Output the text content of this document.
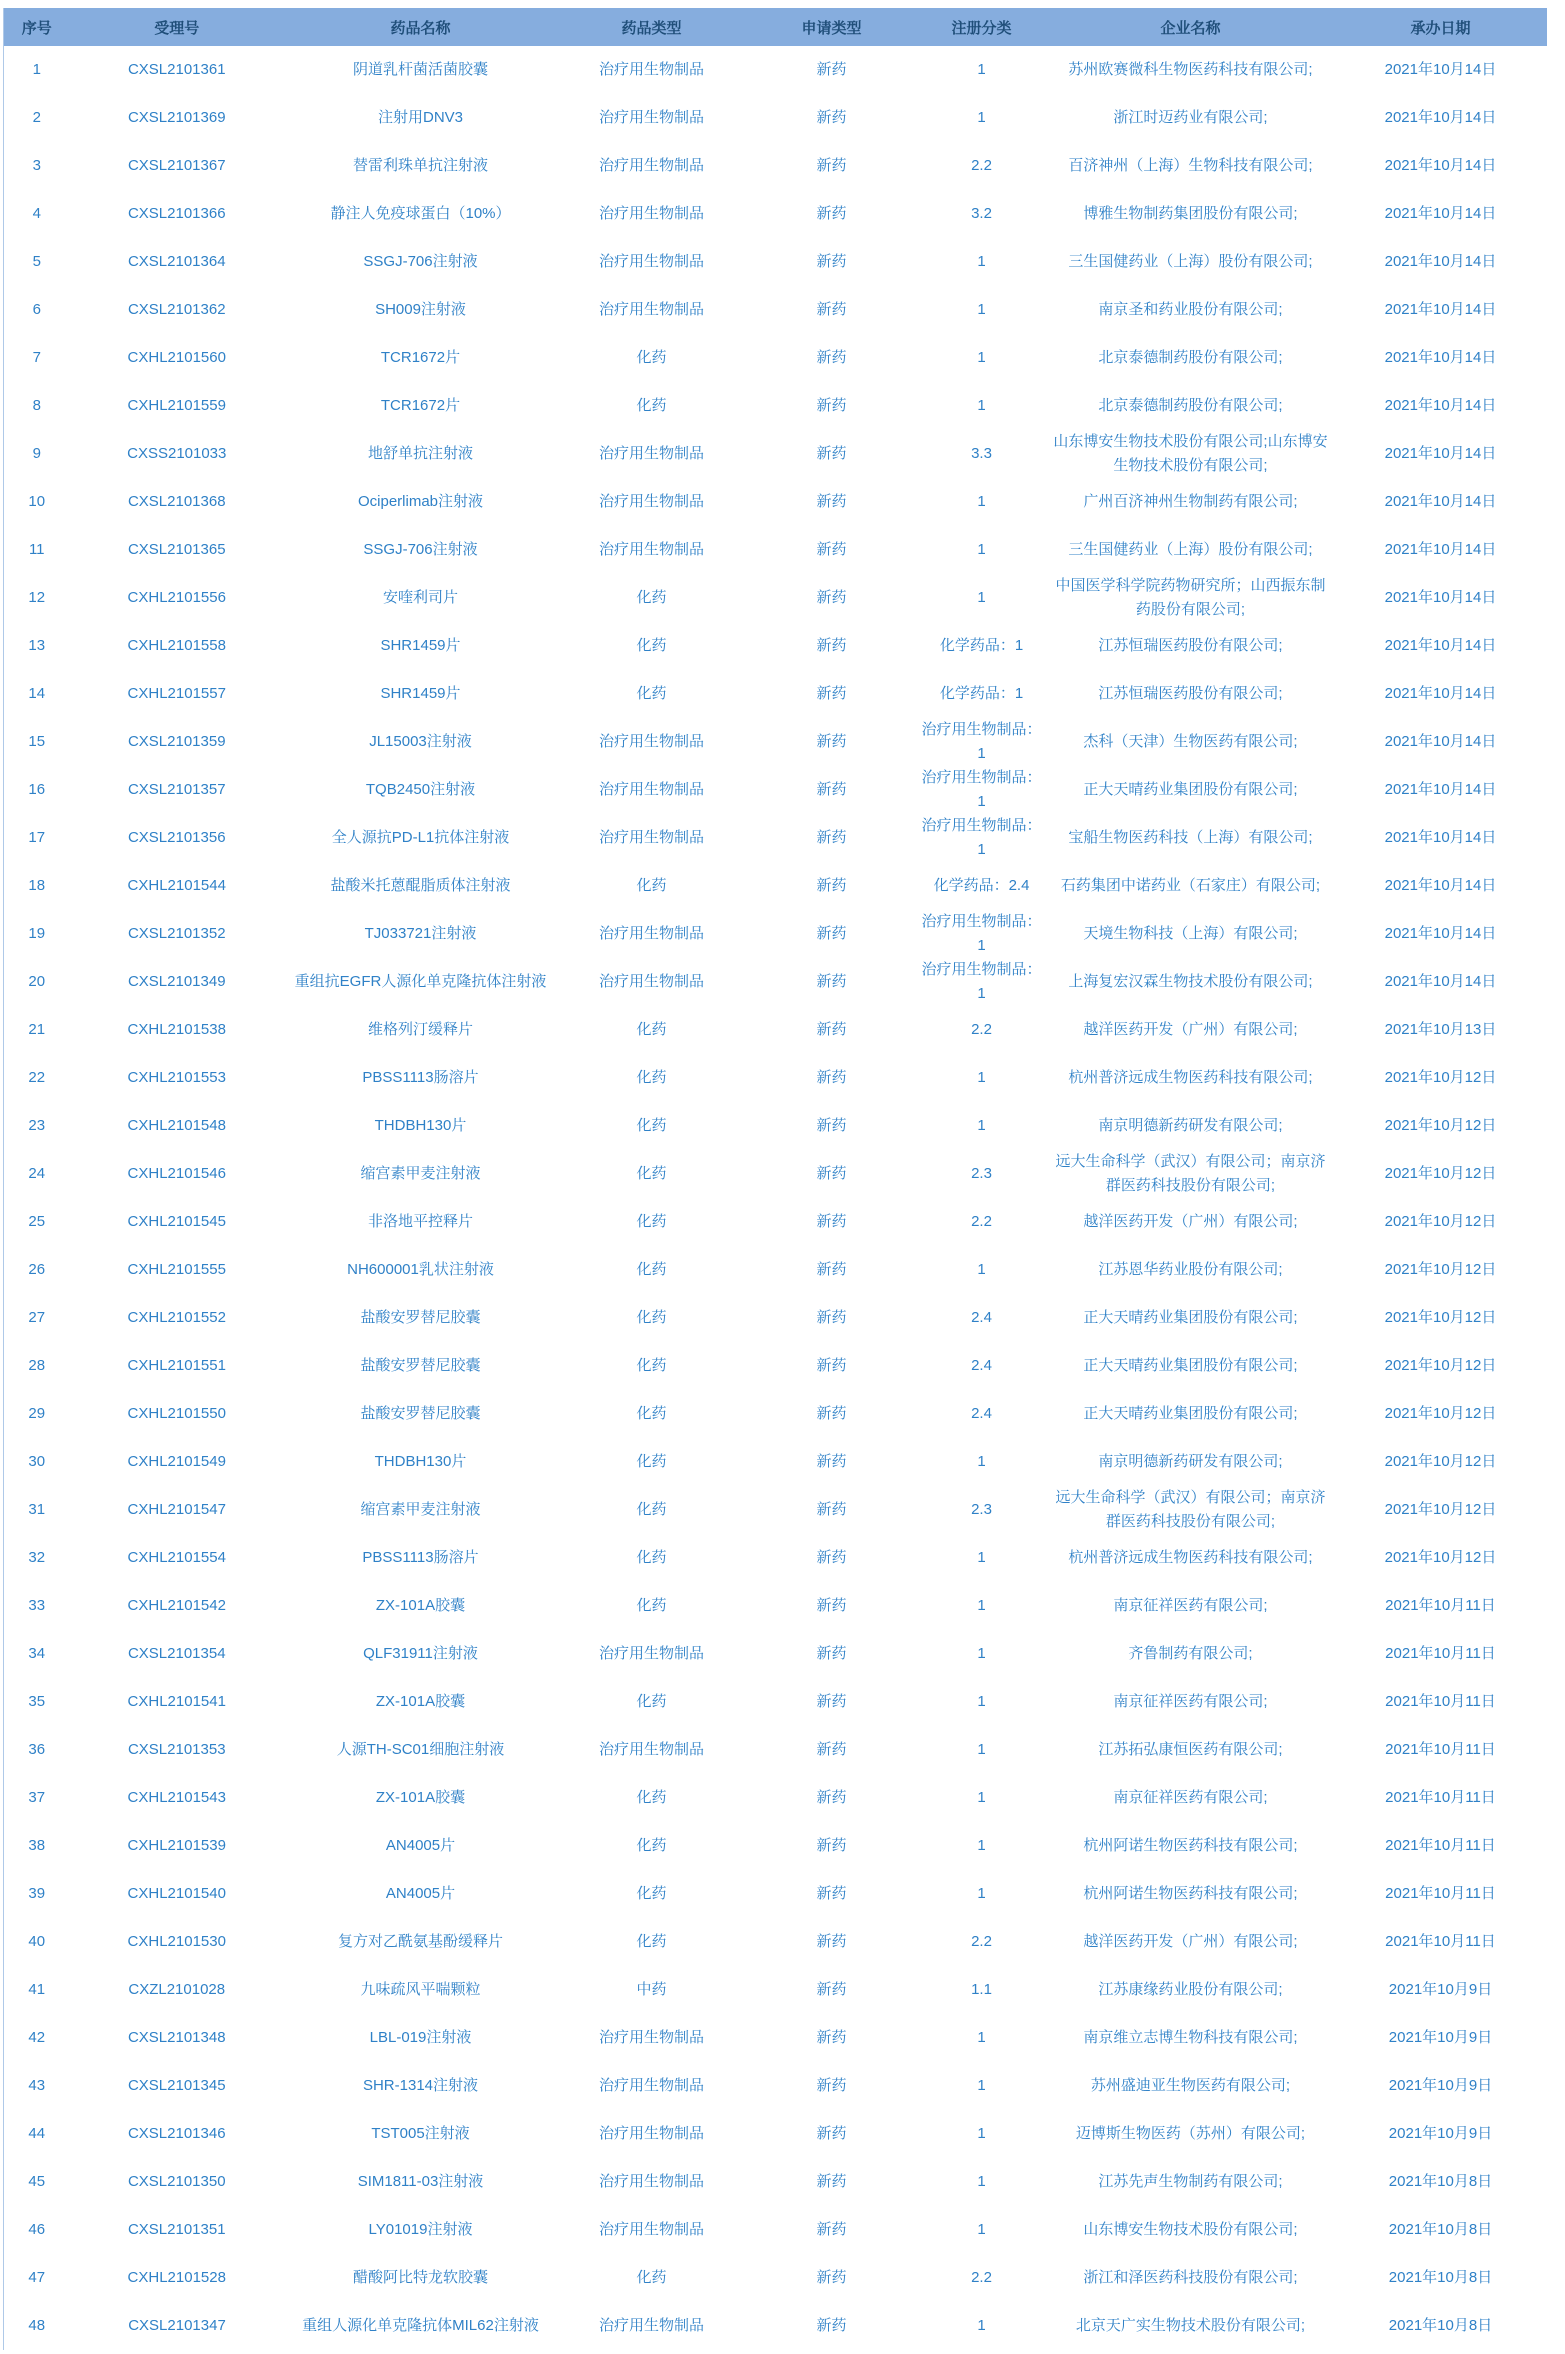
序号	受理号	药品名称	药品类型	申请类型	注册分类	企业名称	承办日期
1	CXSL2101361	阴道乳杆菌活菌胶囊	治疗用生物制品	新药	1	苏州欧赛微科生物医药科技有限公司;	2021年10月14日
2	CXSL2101369	注射用DNV3	治疗用生物制品	新药	1	浙江时迈药业有限公司;	2021年10月14日
3	CXSL2101367	替雷利珠单抗注射液	治疗用生物制品	新药	2.2	百济神州（上海）生物科技有限公司;	2021年10月14日
4	CXSL2101366	静注人免疫球蛋白（10%）	治疗用生物制品	新药	3.2	博雅生物制药集团股份有限公司;	2021年10月14日
5	CXSL2101364	SSGJ-706注射液	治疗用生物制品	新药	1	三生国健药业（上海）股份有限公司;	2021年10月14日
6	CXSL2101362	SH009注射液	治疗用生物制品	新药	1	南京圣和药业股份有限公司;	2021年10月14日
7	CXHL2101560	TCR1672片	化药	新药	1	北京泰德制药股份有限公司;	2021年10月14日
8	CXHL2101559	TCR1672片	化药	新药	1	北京泰德制药股份有限公司;	2021年10月14日
9	CXSS2101033	地舒单抗注射液	治疗用生物制品	新药	3.3	山东博安生物技术股份有限公司;山东博安生物技术股份有限公司;	2021年10月14日
10	CXSL2101368	Ociperlimab注射液	治疗用生物制品	新药	1	广州百济神州生物制药有限公司;	2021年10月14日
11	CXSL2101365	SSGJ-706注射液	治疗用生物制品	新药	1	三生国健药业（上海）股份有限公司;	2021年10月14日
12	CXHL2101556	安喹利司片	化药	新药	1	中国医学科学院药物研究所；山西振东制药股份有限公司;	2021年10月14日
13	CXHL2101558	SHR1459片	化药	新药	化学药品：1	江苏恒瑞医药股份有限公司;	2021年10月14日
14	CXHL2101557	SHR1459片	化药	新药	化学药品：1	江苏恒瑞医药股份有限公司;	2021年10月14日
15	CXSL2101359	JL15003注射液	治疗用生物制品	新药	治疗用生物制品：1	杰科（天津）生物医药有限公司;	2021年10月14日
16	CXSL2101357	TQB2450注射液	治疗用生物制品	新药	治疗用生物制品：1	正大天晴药业集团股份有限公司;	2021年10月14日
17	CXSL2101356	全人源抗PD-L1抗体注射液	治疗用生物制品	新药	治疗用生物制品：1	宝船生物医药科技（上海）有限公司;	2021年10月14日
18	CXHL2101544	盐酸米托蒽醌脂质体注射液	化药	新药	化学药品：2.4	石药集团中诺药业（石家庄）有限公司;	2021年10月14日
19	CXSL2101352	TJ033721注射液	治疗用生物制品	新药	治疗用生物制品：1	天境生物科技（上海）有限公司;	2021年10月14日
20	CXSL2101349	重组抗EGFR人源化单克隆抗体注射液	治疗用生物制品	新药	治疗用生物制品：1	上海复宏汉霖生物技术股份有限公司;	2021年10月14日
21	CXHL2101538	维格列汀缓释片	化药	新药	2.2	越洋医药开发（广州）有限公司;	2021年10月13日
22	CXHL2101553	PBSS1113肠溶片	化药	新药	1	杭州普济远成生物医药科技有限公司;	2021年10月12日
23	CXHL2101548	THDBH130片	化药	新药	1	南京明德新药研发有限公司;	2021年10月12日
24	CXHL2101546	缩宫素甲麦注射液	化药	新药	2.3	远大生命科学（武汉）有限公司；南京济群医药科技股份有限公司;	2021年10月12日
25	CXHL2101545	非洛地平控释片	化药	新药	2.2	越洋医药开发（广州）有限公司;	2021年10月12日
26	CXHL2101555	NH600001乳状注射液	化药	新药	1	江苏恩华药业股份有限公司;	2021年10月12日
27	CXHL2101552	盐酸安罗替尼胶囊	化药	新药	2.4	正大天晴药业集团股份有限公司;	2021年10月12日
28	CXHL2101551	盐酸安罗替尼胶囊	化药	新药	2.4	正大天晴药业集团股份有限公司;	2021年10月12日
29	CXHL2101550	盐酸安罗替尼胶囊	化药	新药	2.4	正大天晴药业集团股份有限公司;	2021年10月12日
30	CXHL2101549	THDBH130片	化药	新药	1	南京明德新药研发有限公司;	2021年10月12日
31	CXHL2101547	缩宫素甲麦注射液	化药	新药	2.3	远大生命科学（武汉）有限公司；南京济群医药科技股份有限公司;	2021年10月12日
32	CXHL2101554	PBSS1113肠溶片	化药	新药	1	杭州普济远成生物医药科技有限公司;	2021年10月12日
33	CXHL2101542	ZX-101A胶囊	化药	新药	1	南京征祥医药有限公司;	2021年10月11日
34	CXSL2101354	QLF31911注射液	治疗用生物制品	新药	1	齐鲁制药有限公司;	2021年10月11日
35	CXHL2101541	ZX-101A胶囊	化药	新药	1	南京征祥医药有限公司;	2021年10月11日
36	CXSL2101353	人源TH-SC01细胞注射液	治疗用生物制品	新药	1	江苏拓弘康恒医药有限公司;	2021年10月11日
37	CXHL2101543	ZX-101A胶囊	化药	新药	1	南京征祥医药有限公司;	2021年10月11日
38	CXHL2101539	AN4005片	化药	新药	1	杭州阿诺生物医药科技有限公司;	2021年10月11日
39	CXHL2101540	AN4005片	化药	新药	1	杭州阿诺生物医药科技有限公司;	2021年10月11日
40	CXHL2101530	复方对乙酰氨基酚缓释片	化药	新药	2.2	越洋医药开发（广州）有限公司;	2021年10月11日
41	CXZL2101028	九味疏风平喘颗粒	中药	新药	1.1	江苏康缘药业股份有限公司;	2021年10月9日
42	CXSL2101348	LBL-019注射液	治疗用生物制品	新药	1	南京维立志博生物科技有限公司;	2021年10月9日
43	CXSL2101345	SHR-1314注射液	治疗用生物制品	新药	1	苏州盛迪亚生物医药有限公司;	2021年10月9日
44	CXSL2101346	TST005注射液	治疗用生物制品	新药	1	迈博斯生物医药（苏州）有限公司;	2021年10月9日
45	CXSL2101350	SIM1811-03注射液	治疗用生物制品	新药	1	江苏先声生物制药有限公司;	2021年10月8日
46	CXSL2101351	LY01019注射液	治疗用生物制品	新药	1	山东博安生物技术股份有限公司;	2021年10月8日
47	CXHL2101528	醋酸阿比特龙软胶囊	化药	新药	2.2	浙江和泽医药科技股份有限公司;	2021年10月8日
48	CXSL2101347	重组人源化单克隆抗体MIL62注射液	治疗用生物制品	新药	1	北京天广实生物技术股份有限公司;	2021年10月8日
